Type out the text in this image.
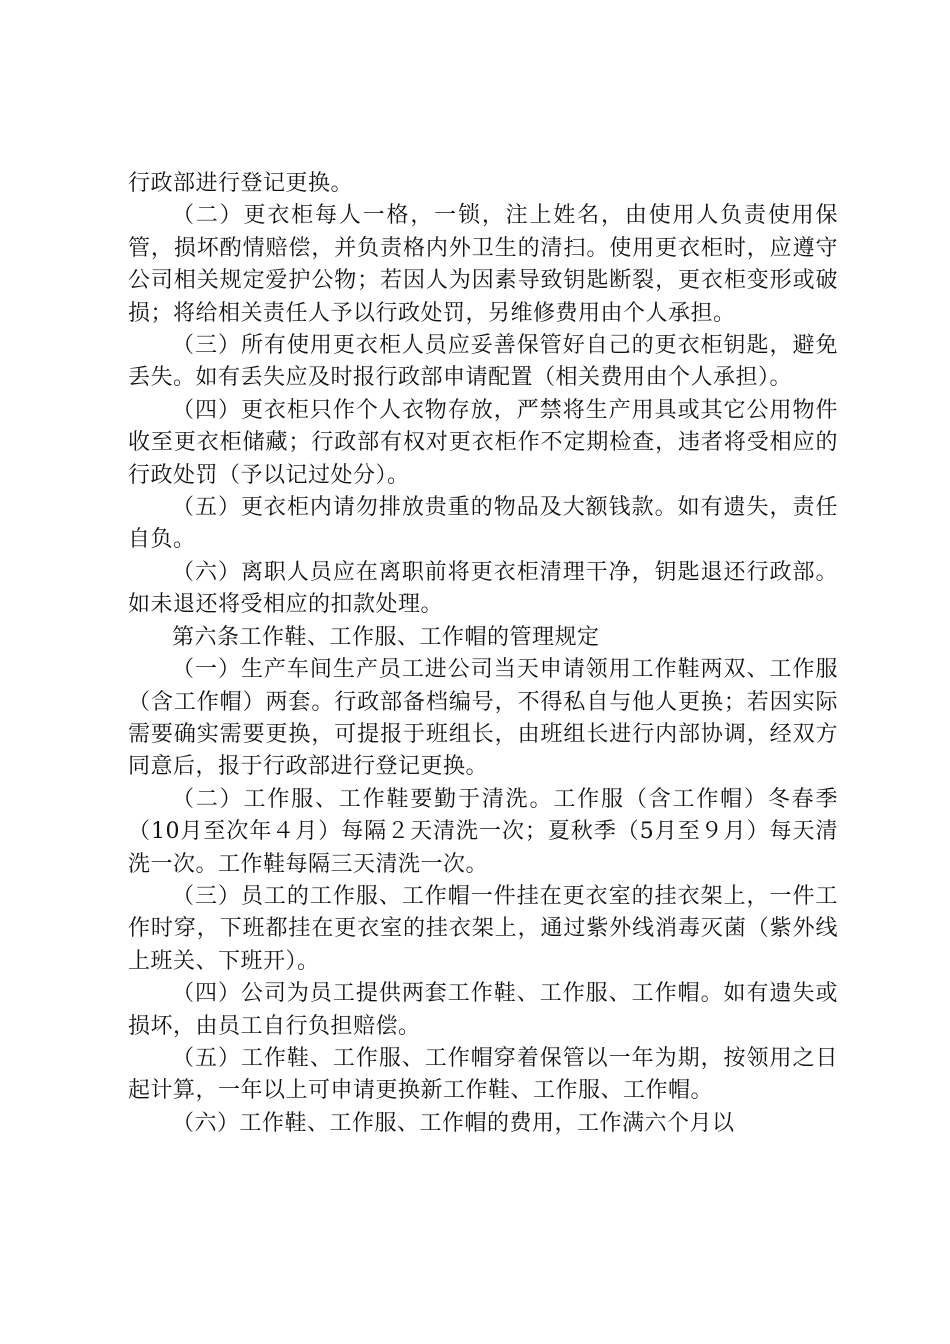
行政部进行登记更换。

（二）更衣柜每人一格，一锁，注上姓名，由使用人负责使用保管，损坏酌情赔偿，并负责格内外卫生的清扫。使用更衣柜时，应遵守公司相关规定爱护公物；若因人为因素导致钥匙断裂，更衣柜变形或破损；将给相关责任人予以行政处罚，另维修费用由个人承担。

（三）所有使用更衣柜人员应妥善保管好自己的更衣柜钥匙，避免丢失。如有丢失应及时报行政部申请配置（相关费用由个人承担）。

（四）更衣柜只作个人衣物存放，严禁将生产用具或其它公用物件收至更衣柜储藏；行政部有权对更衣柜作不定期检查，违者将受相应的行政处罚（予以记过处分）。

（五）更衣柜内请勿排放贵重的物品及大额钱款。如有遗失，责任自负。

（六）离职人员应在离职前将更衣柜清理干净，钥匙退还行政部。如未退还将受相应的扣款处理。

第六条工作鞋、工作服、工作帽的管理规定

（一）生产车间生产员工进公司当天申请领用工作鞋两双、工作服（含工作帽）两套。行政部备档编号，不得私自与他人更换；若因实际需要确实需要更换，可提报于班组长，由班组长进行内部协调，经双方同意后，报于行政部进行登记更换。

（二）工作服、工作鞋要勤于清洗。工作服（含工作帽）冬春季（10月至次年４月）每隔２天清洗一次；夏秋季（5月至９月）每天清洗一次。工作鞋每隔三天清洗一次。

（三）员工的工作服、工作帽一件挂在更衣室的挂衣架上，一件工作时穿，下班都挂在更衣室的挂衣架上，通过紫外线消毒灭菌（紫外线上班关、下班开）。

（四）公司为员工提供两套工作鞋、工作服、工作帽。如有遗失或损坏，由员工自行负担赔偿。

（五）工作鞋、工作服、工作帽穿着保管以一年为期，按领用之日起计算，一年以上可申请更换新工作鞋、工作服、工作帽。

（六）工作鞋、工作服、工作帽的费用，工作满六个月以
